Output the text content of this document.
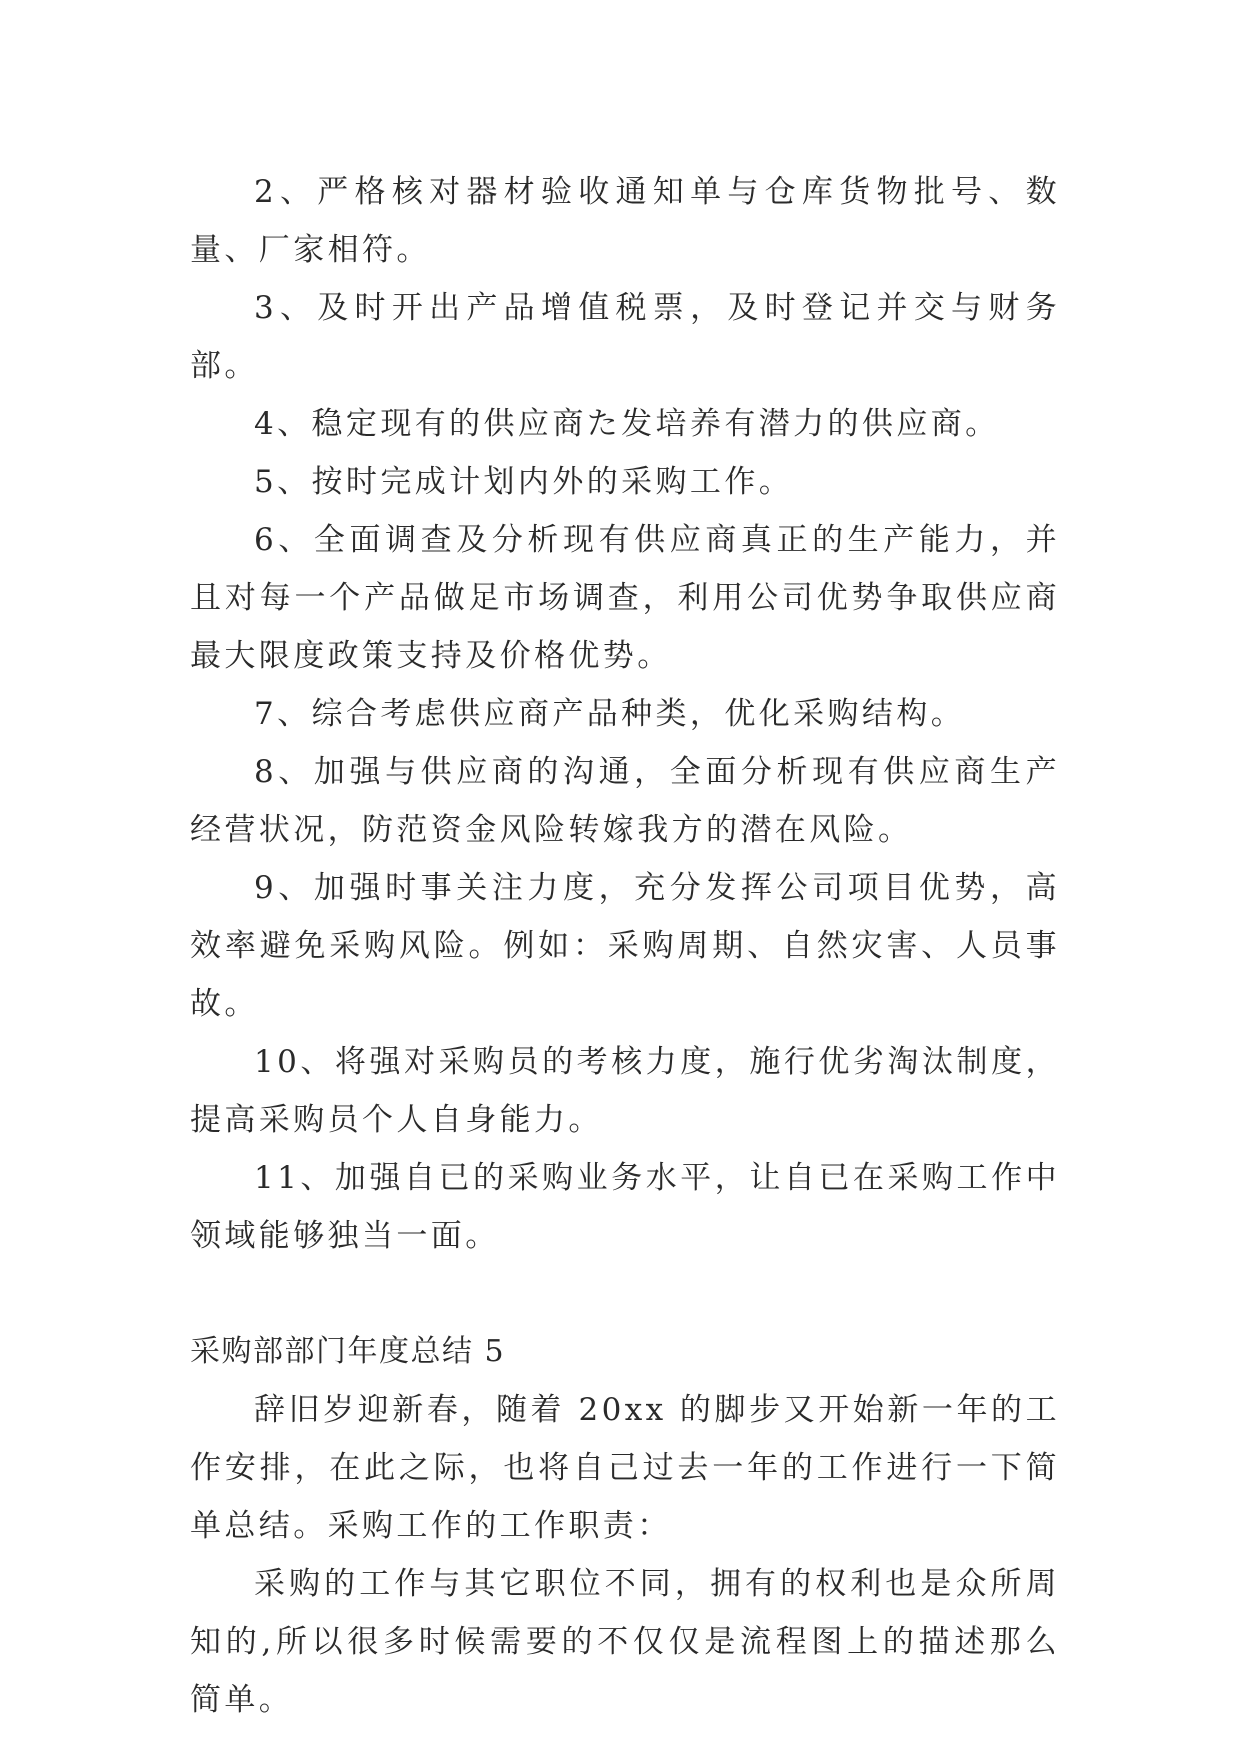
2、严格核对器材验收通知单与仓库货物批号、数量、厂家相符。

3、及时开出产品增值税票，及时登记并交与财务部。

4、稳定现有的供应商た发培养有潜力的供应商。

5、按时完成计划内外的采购工作。

6、全面调查及分析现有供应商真正的生产能力，并且对每一个产品做足市场调查，利用公司优势争取供应商最大限度政策支持及价格优势。

7、综合考虑供应商产品种类，优化采购结构。

8、加强与供应商的沟通，全面分析现有供应商生产经营状况，防范资金风险转嫁我方的潜在风险。

9、加强时事关注力度，充分发挥公司项目优势，高效率避免采购风险。例如：采购周期、自然灾害、人员事故。

10、将强对采购员的考核力度，施行优劣淘汰制度，提高采购员个人自身能力。

11、加强自已的采购业务水平，让自已在采购工作中领域能够独当一面。

采购部部门年度总结 5

辞旧岁迎新春，随着 20xx 的脚步又开始新一年的工作安排，在此之际，也将自己过去一年的工作进行一下简单总结。采购工作的工作职责：

采购的工作与其它职位不同，拥有的权利也是众所周知的,所以很多时候需要的不仅仅是流程图上的描述那么简单。
